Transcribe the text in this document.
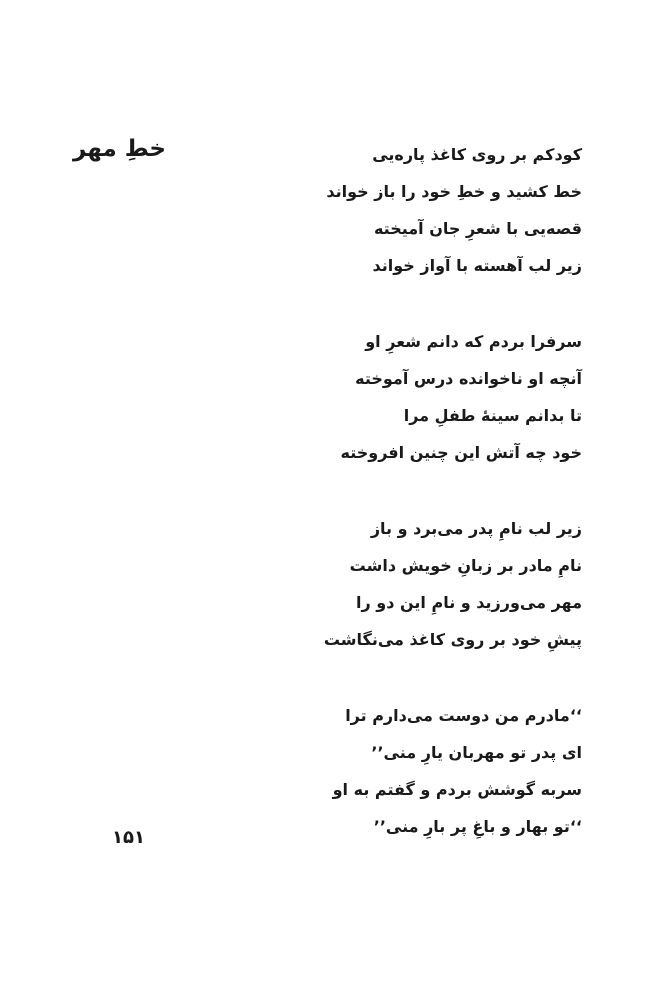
خطِ مهر	کودکم بر روی کاغذ پاره‌یی
خط کشید و خطِ خود را باز خواند
قصه‌یی با شعرِ جان آمیخته
زیر لب آهسته با آواز خواند
سرفرا بردم که دانم شعرِ او
آنچه او ناخوانده درس آموخته
تا بدانم سینهٔ طفلِ مرا
خود چه آتش این چنین افروخته
زیر لب نامِ پدر می‌برد و باز
نامِ مادر بر زبانِ خویش داشت
مهر می‌ورزید و نامِ این دو را
پیشِ خود بر روی کاغذ می‌نگاشت
‘‘مادرم من دوست می‌دارم ترا
ای پدر تو مهربان یارِ منی’’
سربه گوشش بردم و گفتم به او
‘‘تو بهار و باغِ پر بارِ منی’’
۱۵۱
